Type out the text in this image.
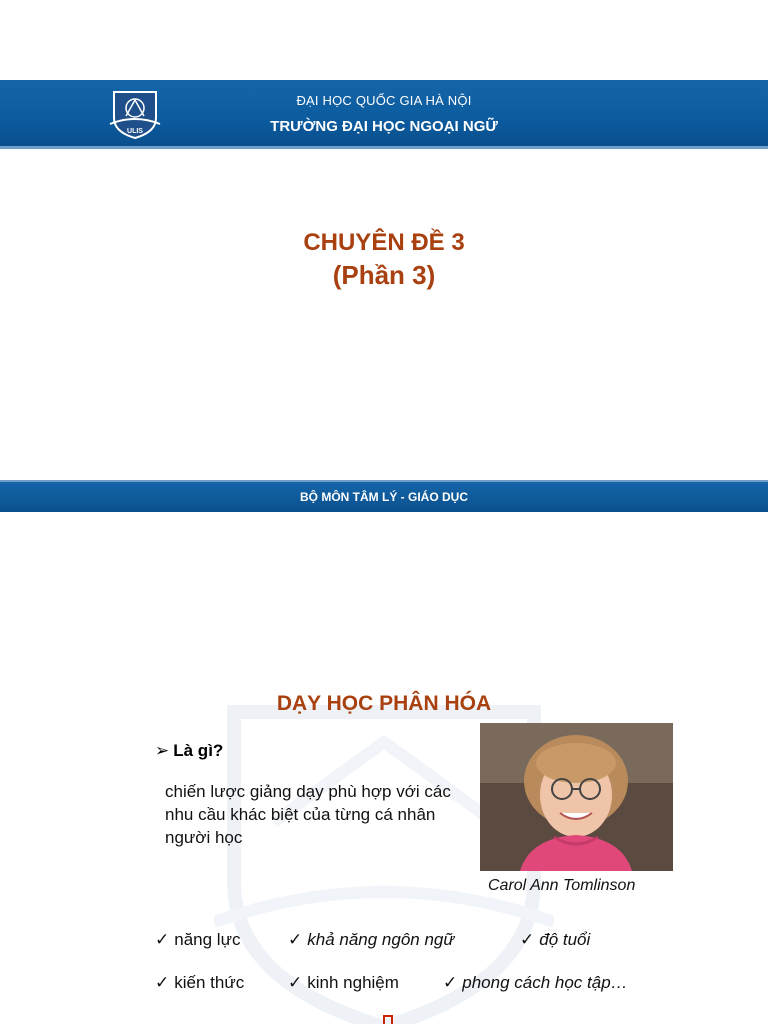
ULIS
ĐẠI HỌC QUỐC GIA HÀ NỘI
TRƯỜNG ĐẠI HỌC NGOẠI NGỮ
CHUYÊN ĐỀ 3
(Phần 3)
BỘ MÔN TÂM LÝ - GIÁO DỤC
DẠY HỌC PHÂN HÓA
➢ Là gì?
chiến lược giảng dạy phù hợp với các nhu cầu khác biệt của từng cá nhân người học
Carol Ann Tomlinson
✓ năng lực	✓ khả năng ngôn ngữ	✓ độ tuổi
✓ kiến thức	✓ kinh nghiệm	✓ phong cách học tập…
